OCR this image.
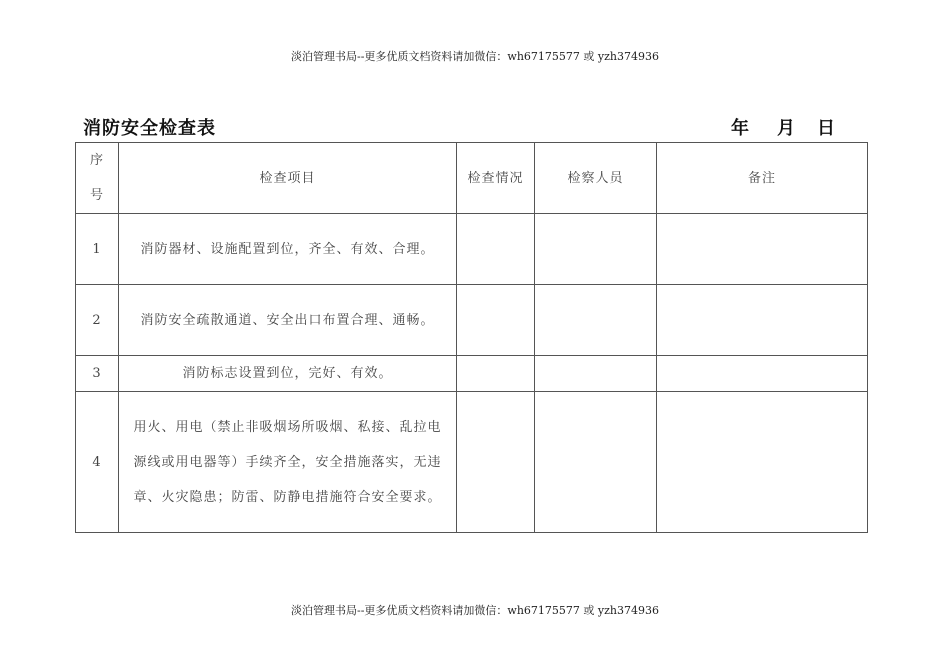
淡泊管理书局--更多优质文档资料请加微信：wh67175577 或 yzh374936
消防安全检查表	年 月 日
序
号	检查项目	检查情况	检察人员	备注
1	消防器材、设施配置到位，齐全、有效、合理。			
2	消防安全疏散通道、安全出口布置合理、通畅。			
3	消防标志设置到位，完好、有效。			
4	用火、用电（禁止非吸烟场所吸烟、私接、乱拉电源线或用电器等）手续齐全，安全措施落实，无违章、火灾隐患；防雷、防静电措施符合安全要求。			
淡泊管理书局--更多优质文档资料请加微信：wh67175577 或 yzh374936
